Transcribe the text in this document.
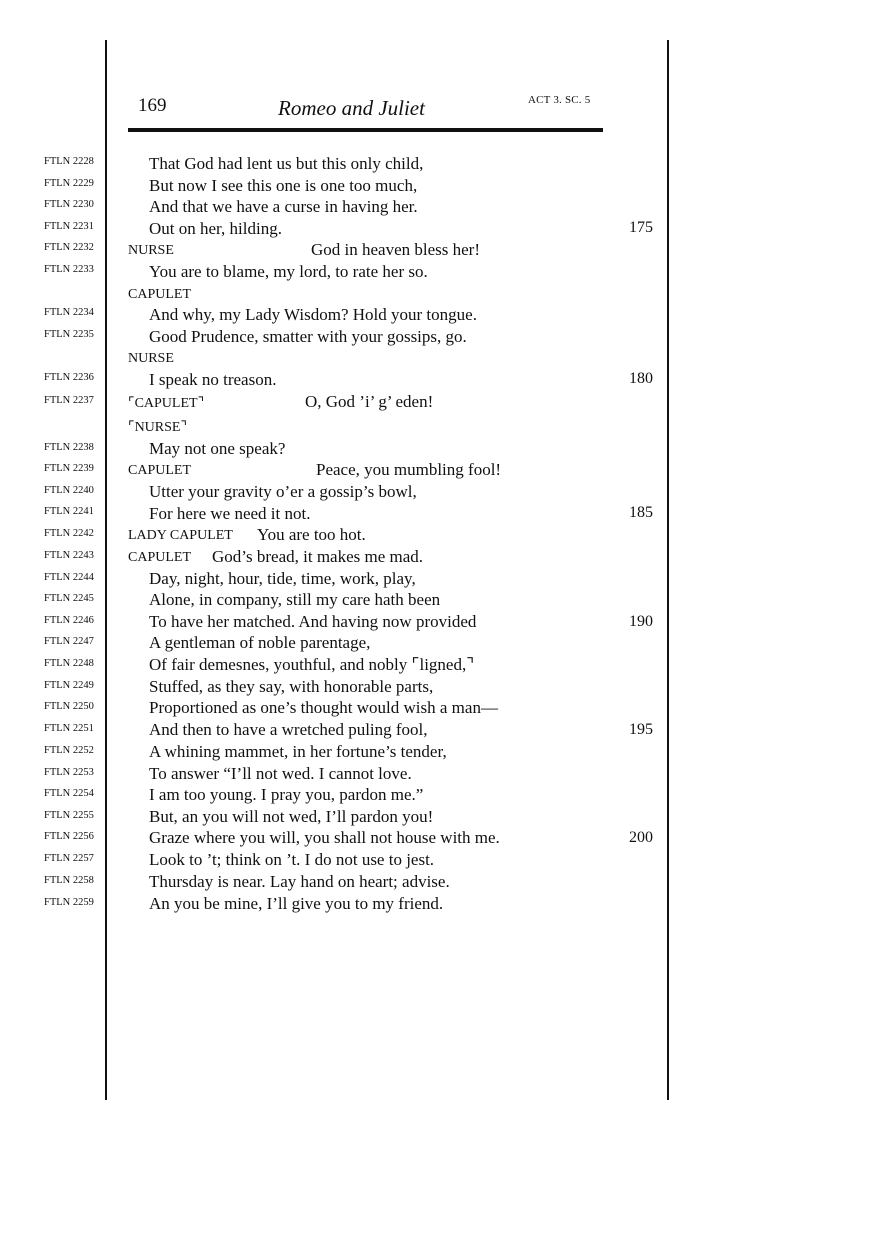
169	Romeo and Juliet	ACT 3. SC. 5
FTLN 2228
FTLN 2229
FTLN 2230
FTLN 2231
FTLN 2232
FTLN 2233
FTLN 2234
FTLN 2235
FTLN 2236
FTLN 2237
FTLN 2238
FTLN 2239
FTLN 2240
FTLN 2241
FTLN 2242
FTLN 2243
FTLN 2244
FTLN 2245
FTLN 2246
FTLN 2247
FTLN 2248
FTLN 2249
FTLN 2250
FTLN 2251
FTLN 2252
FTLN 2253
FTLN 2254
FTLN 2255
FTLN 2256
FTLN 2257
FTLN 2258
FTLN 2259
That God had lent us but this only child,
But now I see this one is one too much,
And that we have a curse in having her.
Out on her, hilding.
NURSE	God in heaven bless her!
You are to blame, my lord, to rate her so.
CAPULET
And why, my Lady Wisdom? Hold your tongue.
Good Prudence, smatter with your gossips, go.
NURSE
I speak no treason.
⌜CAPULET⌝	O, God ’i’ g’ eden!
⌜NURSE⌝
May not one speak?
CAPULET	Peace, you mumbling fool!
Utter your gravity o’er a gossip’s bowl,
For here we need it not.
LADY CAPULET You are too hot.
CAPULET God’s bread, it makes me mad.
Day, night, hour, tide, time, work, play,
Alone, in company, still my care hath been
To have her matched. And having now provided
A gentleman of noble parentage,
Of fair demesnes, youthful, and nobly ⌜ligned,⌝
Stuffed, as they say, with honorable parts,
Proportioned as one’s thought would wish a man—
And then to have a wretched puling fool,
A whining mammet, in her fortune’s tender,
To answer “I’ll not wed. I cannot love.
I am too young. I pray you, pardon me.”
But, an you will not wed, I’ll pardon you!
Graze where you will, you shall not house with me.
Look to ’t; think on ’t. I do not use to jest.
Thursday is near. Lay hand on heart; advise.
An you be mine, I’ll give you to my friend.
175
180
185
190
195
200
